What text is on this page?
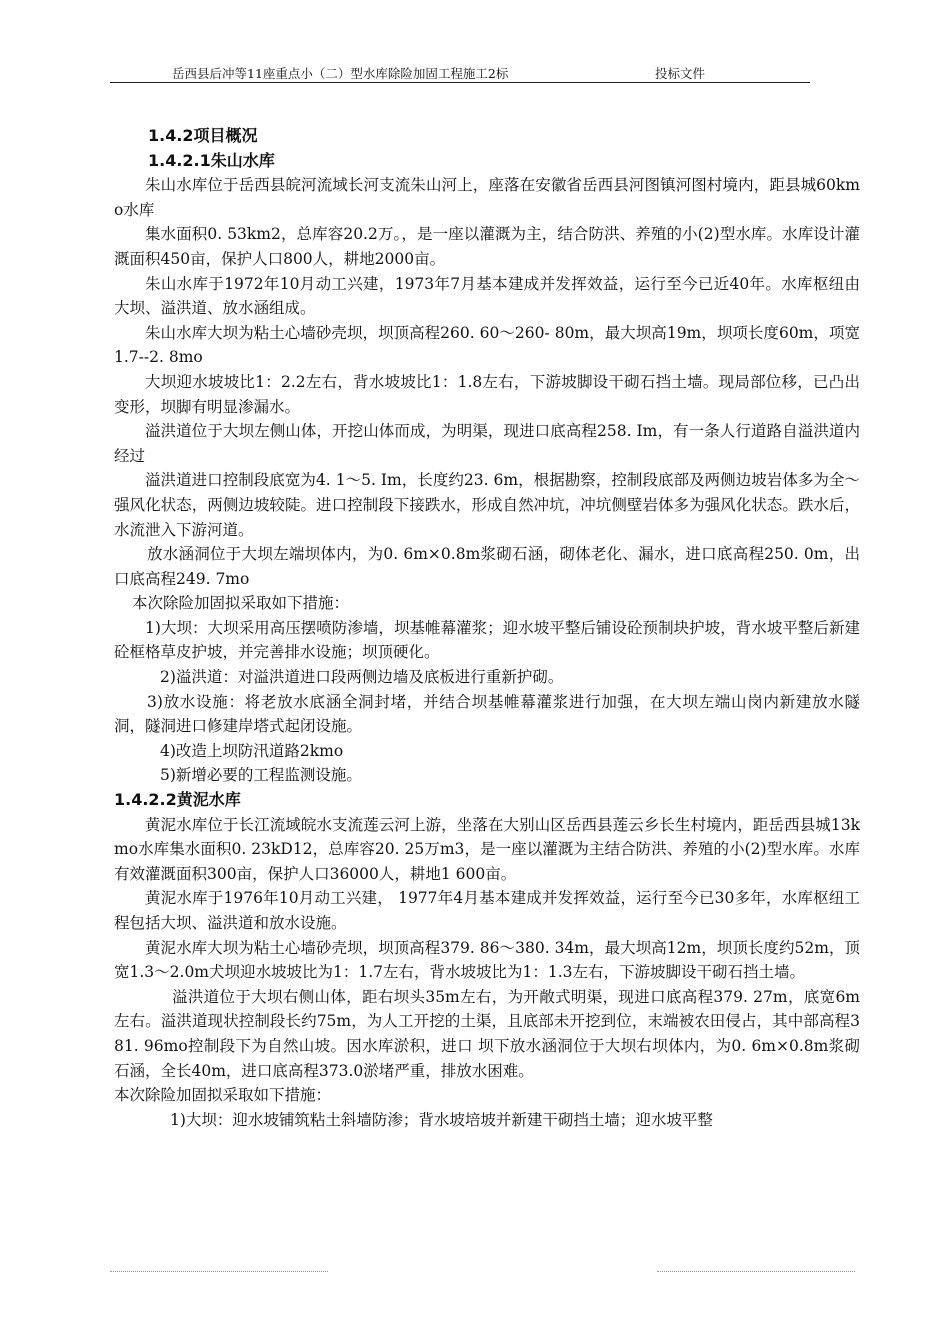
岳西县后冲等11座重点小（二）型水库除险加固工程施工2标	投标文件

1.4.2项目概况

1.4.2.1朱山水库

朱山水库位于岳西县皖河流域长河支流朱山河上，座落在安徽省岳西县河图镇河图村境内，距县城60kmo水库

集水面积0. 53km2，总库容20.2万。，是一座以灌溉为主，结合防洪、养殖的小(2)型水库。水库设计灌溉面积450亩，保护人口800人，耕地2000亩。

朱山水库于1972年10月动工兴建，1973年7月基本建成并发挥效益，运行至今已近40年。水库枢纽由大坝、溢洪道、放水涵组成。

朱山水库大坝为粘土心墙砂壳坝，坝顶高程260. 60～260- 80m，最大坝高19m，坝项长度60m，项宽1.7--2. 8mo

大坝迎水坡坡比1：2.2左右，背水坡坡比1：1.8左右，下游坡脚设干砌石挡土墙。现局部位移，已凸出变形，坝脚有明显渗漏水。

溢洪道位于大坝左侧山体，开挖山体而成，为明渠，现进口底高程258. Im，有一条人行道路自溢洪道内经过

溢洪道进口控制段底宽为4. 1～5. Im，长度约23. 6m，根据勘察，控制段底部及两侧边坡岩体多为全～强风化状态，两侧边坡较陡。进口控制段下接跌水，形成自然冲坑，冲坑侧壁岩体多为强风化状态。跌水后，水流泄入下游河道。

放水涵洞位于大坝左端坝体内，为0. 6m×0.8m浆砌石涵，砌体老化、漏水，进口底高程250. 0m，出口底高程249. 7mo

本次除险加固拟采取如下措施：

1)大坝：大坝采用高压摆喷防渗墙，坝基帷幕灌浆；迎水坡平整后铺设砼预制块护坡，背水坡平整后新建砼框格草皮护坡，并完善排水设施；坝顶硬化。

2)溢洪道：对溢洪道进口段两侧边墙及底板进行重新护砌。

3)放水设施：将老放水底涵全洞封堵，并结合坝基帷幕灌浆进行加强，在大坝左端山岗内新建放水隧洞，隧洞进口修建岸塔式起闭设施。

4)改造上坝防汛道路2kmo

5)新增必要的工程监测设施。

1.4.2.2黄泥水库

黄泥水库位于长江流域皖水支流莲云河上游，坐落在大别山区岳西县莲云乡长生村境内，距岳西县城13kmo水库集水面积0. 23kD12，总库容20. 25万m3，是一座以灌溉为主结合防洪、养殖的小(2)型水库。水库有效灌溉面积300亩，保护人口36000人，耕地1 600亩。

黄泥水库于1976年10月动工兴建， 1977年4月基本建成并发挥效益，运行至今已30多年，水库枢纽工程包括大坝、溢洪道和放水设施。

黄泥水库大坝为粘土心墙砂壳坝，坝顶高程379. 86～380. 34m，最大坝高12m，坝顶长度约52m，顶宽1.3～2.0m犬坝迎水坡坡比为1：1.7左右，背水坡坡比为1：1.3左右，下游坡脚设干砌石挡土墙。

溢洪道位于大坝右侧山体，距右坝头35m左右，为开敞式明渠，现进口底高程379. 27m，底宽6m左右。溢洪道现状控制段长约75m，为人工开挖的土渠，且底部未开挖到位，末端被农田侵占，其中部高程381. 96mo控制段下为自然山坡。因水库淤积，进口 坝下放水涵洞位于大坝右坝体内，为0. 6m×0.8m浆砌石涵，全长40m，进口底高程373.0淤堵严重，排放水困难。

本次除险加固拟采取如下措施：

1)大坝：迎水坡铺筑粘土斜墙防渗；背水坡培坡并新建干砌挡土墙；迎水坡平整
